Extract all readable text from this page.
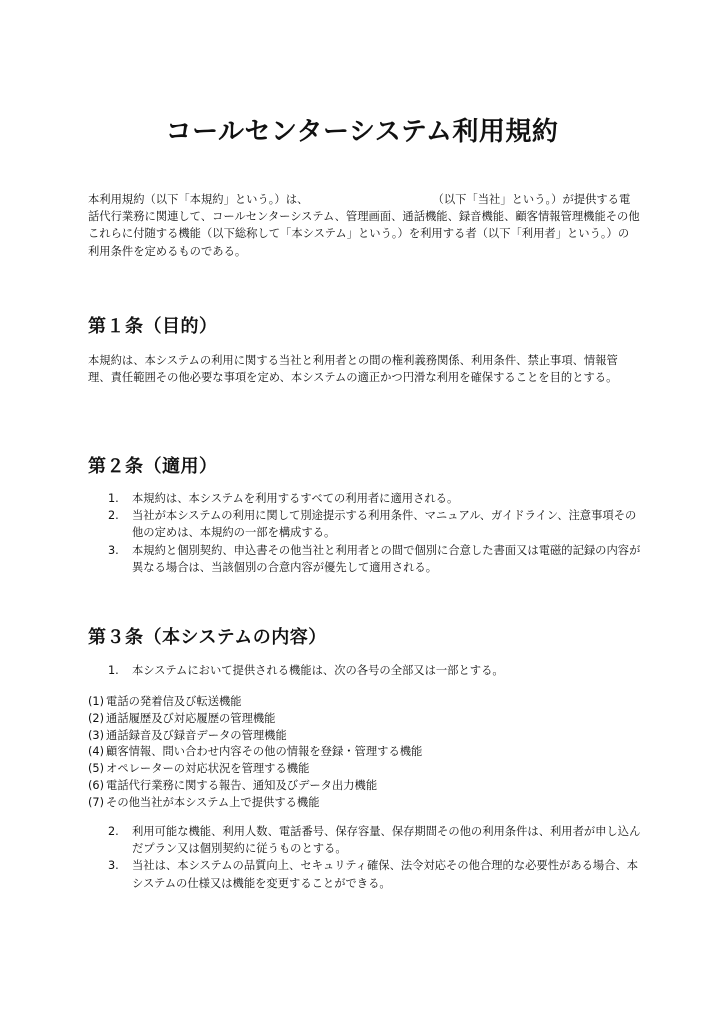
コールセンターシステム利用規約

本利用規約（以下「本規約」という。）は、　　　　　　　　　　　　（以下「当社」という。）が提供する電話代行業務に関連して、コールセンターシステム、管理画面、通話機能、録音機能、顧客情報管理機能その他これらに付随する機能（以下総称して「本システム」という。）を利用する者（以下「利用者」という。）の利用条件を定めるものである。

第１条（目的）

本規約は、本システムの利用に関する当社と利用者との間の権利義務関係、利用条件、禁止事項、情報管理、責任範囲その他必要な事項を定め、本システムの適正かつ円滑な利用を確保することを目的とする。

第２条（適用）
1. 本規約は、本システムを利用するすべての利用者に適用される。
2. 当社が本システムの利用に関して別途提示する利用条件、マニュアル、ガイドライン、注意事項その他の定めは、本規約の一部を構成する。
3. 本規約と個別契約、申込書その他当社と利用者との間で個別に合意した書面又は電磁的記録の内容が異なる場合は、当該個別の合意内容が優先して適用される。
第３条（本システムの内容）
1. 本システムにおいて提供される機能は、次の各号の全部又は一部とする。
(1) 電話の発着信及び転送機能
(2) 通話履歴及び対応履歴の管理機能
(3) 通話録音及び録音データの管理機能
(4) 顧客情報、問い合わせ内容その他の情報を登録・管理する機能
(5) オペレーターの対応状況を管理する機能
(6) 電話代行業務に関する報告、通知及びデータ出力機能
(7) その他当社が本システム上で提供する機能
2. 利用可能な機能、利用人数、電話番号、保存容量、保存期間その他の利用条件は、利用者が申し込んだプラン又は個別契約に従うものとする。
3. 当社は、本システムの品質向上、セキュリティ確保、法令対応その他合理的な必要性がある場合、本システムの仕様又は機能を変更することができる。
